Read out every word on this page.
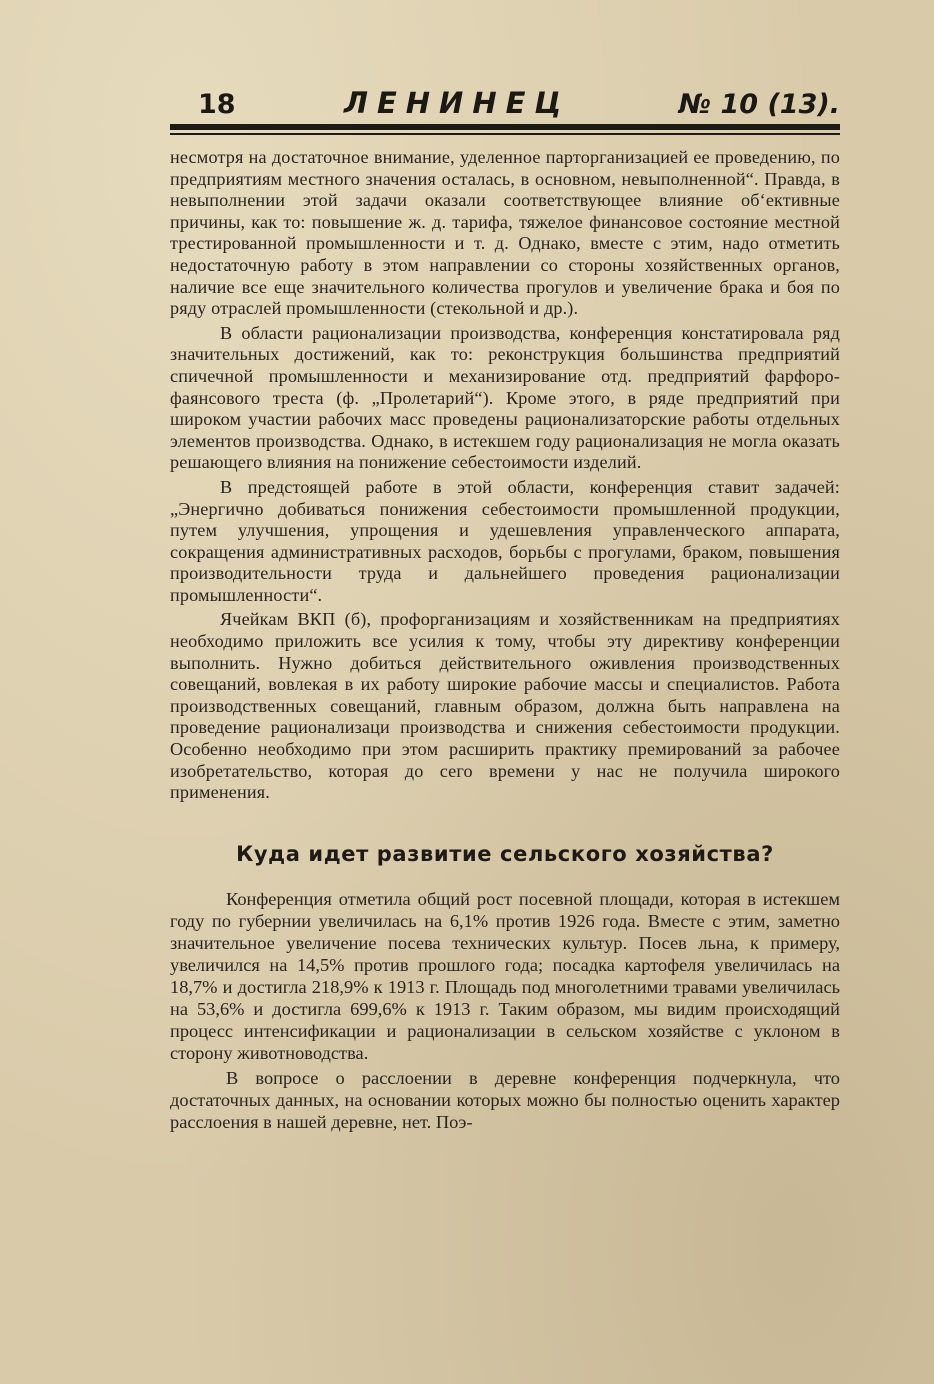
18	ЛЕНИНЕЦ	№ 10 (13).

несмотря на достаточное внимание, уделенное парторганизацией ее проведению, по предприятиям местного значения осталась, в основном, невыполненной“. Правда, в невыполнении этой задачи оказали соответствующее влияние об‘ективные причины, как то: повышение ж. д. тарифа, тяжелое финансовое состояние местной трестированной промышленности и т. д. Однако, вместе с этим, надо отметить недостаточную работу в этом направлении со стороны хозяйственных органов, наличие все еще значительного количества прогулов и увеличение брака и боя по ряду отраслей промышленности (стекольной и др.).

В области рационализации производства, конференция констатировала ряд значительных достижений, как то: реконструкция большинства предприятий спичечной промышленности и механизирование отд. предприятий фарфоро-фаянсового треста (ф. „Пролетарий“). Кроме этого, в ряде предприятий при широком участии рабочих масс проведены рационализаторские работы отдельных элементов производства. Однако, в истекшем году рационализация не могла оказать решающего влияния на понижение себестоимости изделий.

В предстоящей работе в этой области, конференция ставит задачей: „Энергично добиваться понижения себестоимости промышленной продукции, путем улучшения, упрощения и удешевления управленческого аппарата, сокращения административных расходов, борьбы с прогулами, браком, повышения производительности труда и дальнейшего проведения рационализации промышленности“.

Ячейкам ВКП (б), профорганизациям и хозяйственникам на предприятиях необходимо приложить все усилия к тому, чтобы эту директиву конференции выполнить. Нужно добиться действительного оживления производственных совещаний, вовлекая в их работу широкие рабочие массы и специалистов. Работа производственных совещаний, главным образом, должна быть направлена на проведение рационализаци производства и снижения себестоимости продукции. Особенно необходимо при этом расширить практику премирований за рабочее изобретательство, которая до сего времени у нас не получила широкого применения.

Куда идет развитие сельского хозяйства?

Конференция отметила общий рост посевной площади, которая в истекшем году по губернии увеличилась на 6,1% против 1926 года. Вместе с этим, заметно значительное увеличение посева технических культур. Посев льна, к примеру, увеличился на 14,5% против прошлого года; посадка картофеля увеличилась на 18,7% и достигла 218,9% к 1913 г. Площадь под многолетними травами увеличилась на 53,6% и достигла 699,6% к 1913 г. Таким образом, мы видим происходящий процесс интенсификации и рационализации в сельском хозяйстве с уклоном в сторону животноводства.

В вопросе о расслоении в деревне конференция подчеркнула, что достаточных данных, на основании которых можно бы полностью оценить характер расслоения в нашей деревне, нет. Поэ-
